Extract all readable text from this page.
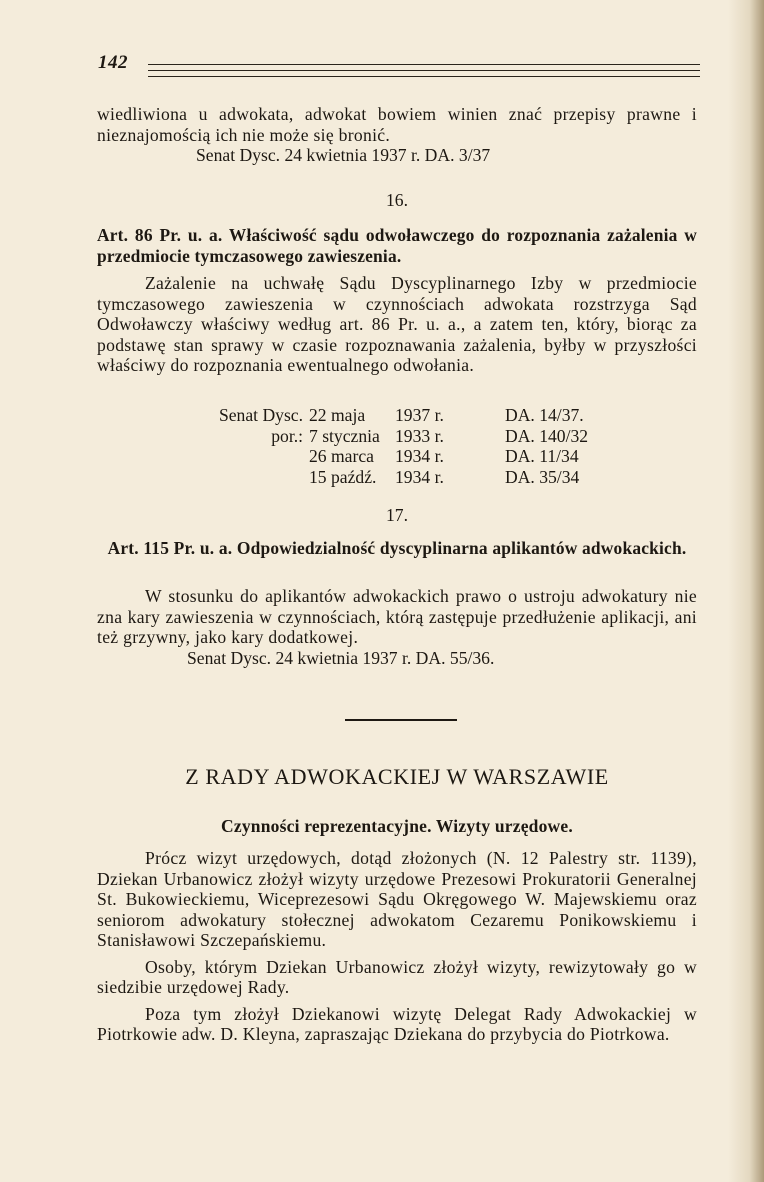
142

wiedliwiona u adwokata, adwokat bowiem winien znać przepisy prawne i nieznajomością ich nie może się bronić.

Senat Dysc. 24 kwietnia 1937 r. DA. 3/37

16.

Art. 86 Pr. u. a. Właściwość sądu odwoławczego do rozpoznania zażalenia w przedmiocie tymczasowego zawieszenia.

Zażalenie na uchwałę Sądu Dyscyplinarnego Izby w przedmiocie tymczasowego zawieszenia w czynnościach adwokata rozstrzyga Sąd Odwoławczy właściwy według art. 86 Pr. u. a., a zatem ten, który, biorąc za podstawę stan sprawy w czasie rozpoznawania zażalenia, byłby w przyszłości właściwy do rozpoznania ewentualnego odwołania.

Senat Dysc. 22 maja	1937 r.	DA. 14/37.
por.: 7 stycznia 1933 r.	DA. 140/32
26 marca	1934 r.	DA. 11/34
15 paźdź.	1934 r.	DA. 35/34

17.

Art. 115 Pr. u. a. Odpowiedzialność dyscyplinarna aplikantów adwokackich.

W stosunku do aplikantów adwokackich prawo o ustroju adwokatury nie zna kary zawieszenia w czynnościach, którą zastępuje przedłużenie aplikacji, ani też grzywny, jako kary dodatkowej.

Senat Dysc. 24 kwietnia 1937 r. DA. 55/36.

Z RADY ADWOKACKIEJ W WARSZAWIE

Czynności reprezentacyjne. Wizyty urzędowe.

Prócz wizyt urzędowych, dotąd złożonych (N. 12 Palestry str. 1139), Dziekan Urbanowicz złożył wizyty urzędowe Prezesowi Prokuratorii Generalnej St. Bukowieckiemu, Wiceprezesowi Sądu Okręgowego W. Majewskiemu oraz seniorom adwokatury stołecznej adwokatom Cezaremu Ponikowskiemu i Stanisławowi Szczepańskiemu.

Osoby, którym Dziekan Urbanowicz złożył wizyty, rewizytowały go w siedzibie urzędowej Rady.

Poza tym złożył Dziekanowi wizytę Delegat Rady Adwokackiej w Piotrkowie adw. D. Kleyna, zapraszając Dziekana do przybycia do Piotrkowa.
